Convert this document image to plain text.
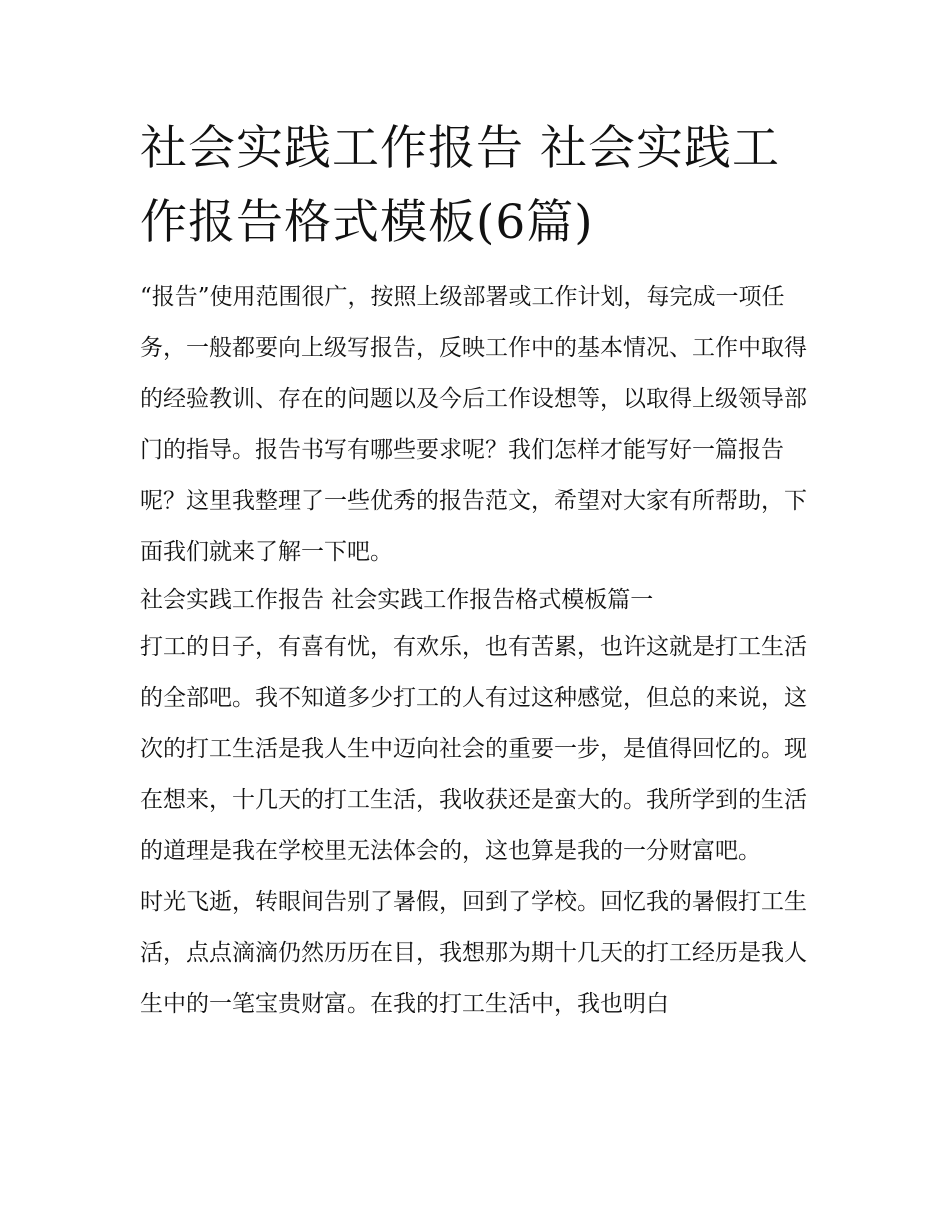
社会实践工作报告 社会实践工作报告格式模板(6篇)

“报告”使用范围很广，按照上级部署或工作计划，每完成一项任务，一般都要向上级写报告，反映工作中的基本情况、工作中取得的经验教训、存在的问题以及今后工作设想等，以取得上级领导部门的指导。报告书写有哪些要求呢？我们怎样才能写好一篇报告呢？这里我整理了一些优秀的报告范文，希望对大家有所帮助，下面我们就来了解一下吧。

社会实践工作报告 社会实践工作报告格式模板篇一

打工的日子，有喜有忧，有欢乐，也有苦累，也许这就是打工生活的全部吧。我不知道多少打工的人有过这种感觉，但总的来说，这次的打工生活是我人生中迈向社会的重要一步，是值得回忆的。现在想来，十几天的打工生活，我收获还是蛮大的。我所学到的生活的道理是我在学校里无法体会的，这也算是我的一分财富吧。

时光飞逝，转眼间告别了暑假，回到了学校。回忆我的暑假打工生活，点点滴滴仍然历历在目，我想那为期十几天的打工经历是我人生中的一笔宝贵财富。在我的打工生活中，我也明白
